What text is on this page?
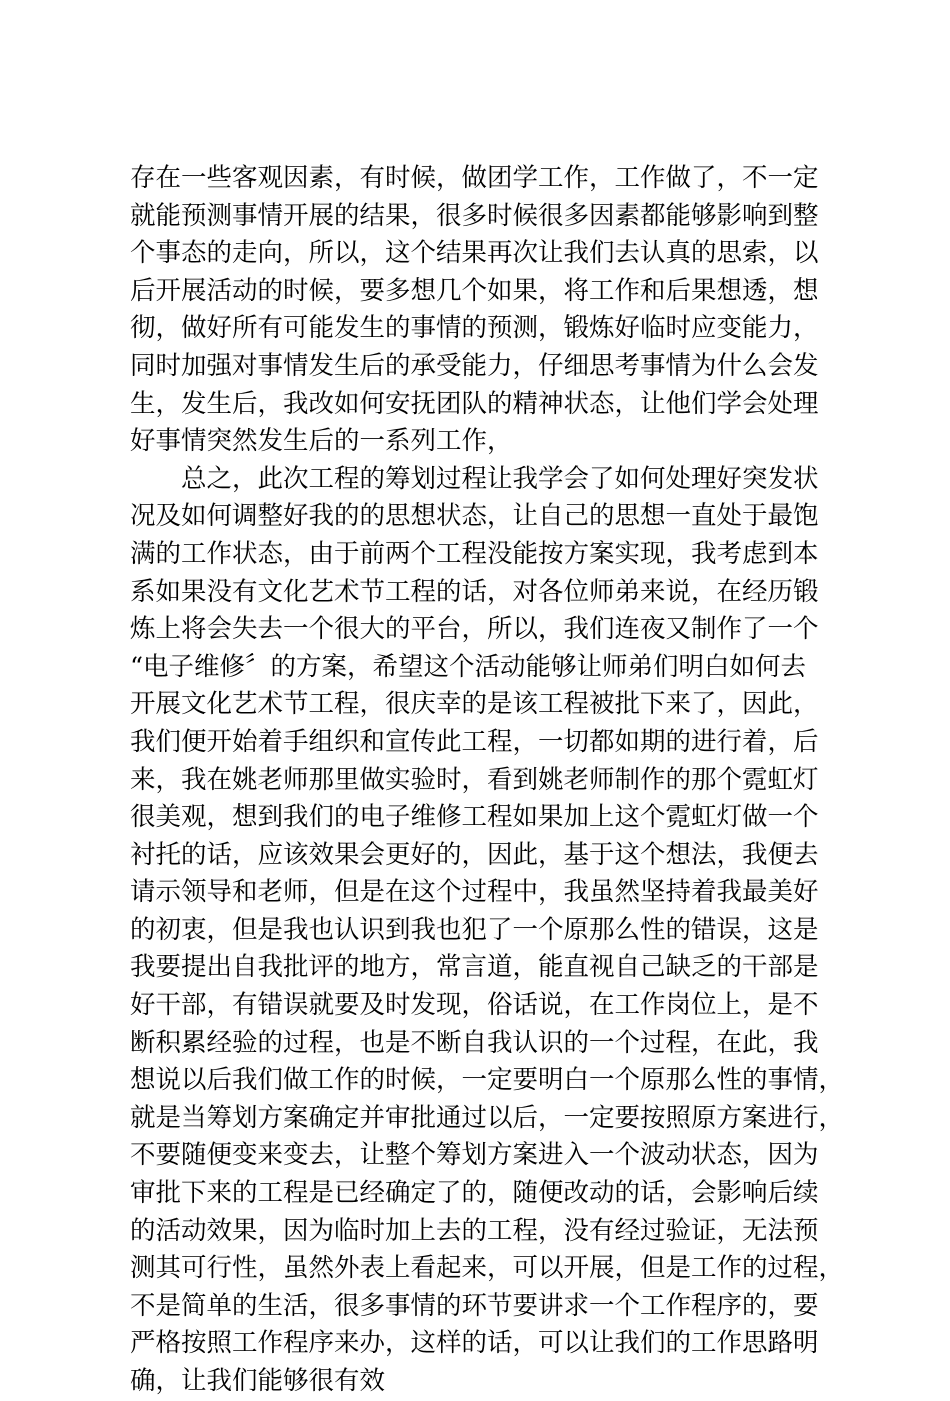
存在一些客观因素，有时候，做团学工作，工作做了，不一定
就能预测事情开展的结果，很多时候很多因素都能够影响到整
个事态的走向，所以，这个结果再次让我们去认真的思索，以
后开展活动的时候，要多想几个如果，将工作和后果想透，想
彻，做好所有可能发生的事情的预测，锻炼好临时应变能力，
同时加强对事情发生后的承受能力，仔细思考事情为什么会发
生，发生后，我改如何安抚团队的精神状态，让他们学会处理
好事情突然发生后的一系列工作，
总之，此次工程的筹划过程让我学会了如何处理好突发状
况及如何调整好我的的思想状态，让自己的思想一直处于最饱
满的工作状态，由于前两个工程没能按方案实现，我考虑到本
系如果没有文化艺术节工程的话，对各位师弟来说，在经历锻
炼上将会失去一个很大的平台，所以，我们连夜又制作了一个
“电子维修〞的方案，希望这个活动能够让师弟们明白如何去
开展文化艺术节工程，很庆幸的是该工程被批下来了，因此，
我们便开始着手组织和宣传此工程，一切都如期的进行着，后
来，我在姚老师那里做实验时，看到姚老师制作的那个霓虹灯
很美观，想到我们的电子维修工程如果加上这个霓虹灯做一个
衬托的话，应该效果会更好的，因此，基于这个想法，我便去
请示领导和老师，但是在这个过程中，我虽然坚持着我最美好
的初衷，但是我也认识到我也犯了一个原那么性的错误，这是
我要提出自我批评的地方，常言道，能直视自己缺乏的干部是
好干部，有错误就要及时发现，俗话说，在工作岗位上，是不
断积累经验的过程，也是不断自我认识的一个过程，在此，我
想说以后我们做工作的时候，一定要明白一个原那么性的事情，
就是当筹划方案确定并审批通过以后，一定要按照原方案进行，
不要随便变来变去，让整个筹划方案进入一个波动状态，因为
审批下来的工程是已经确定了的，随便改动的话，会影响后续
的活动效果，因为临时加上去的工程，没有经过验证，无法预
测其可行性，虽然外表上看起来，可以开展，但是工作的过程，
不是简单的生活，很多事情的环节要讲求一个工作程序的，要
严格按照工作程序来办，这样的话，可以让我们的工作思路明
确，让我们能够很有效
